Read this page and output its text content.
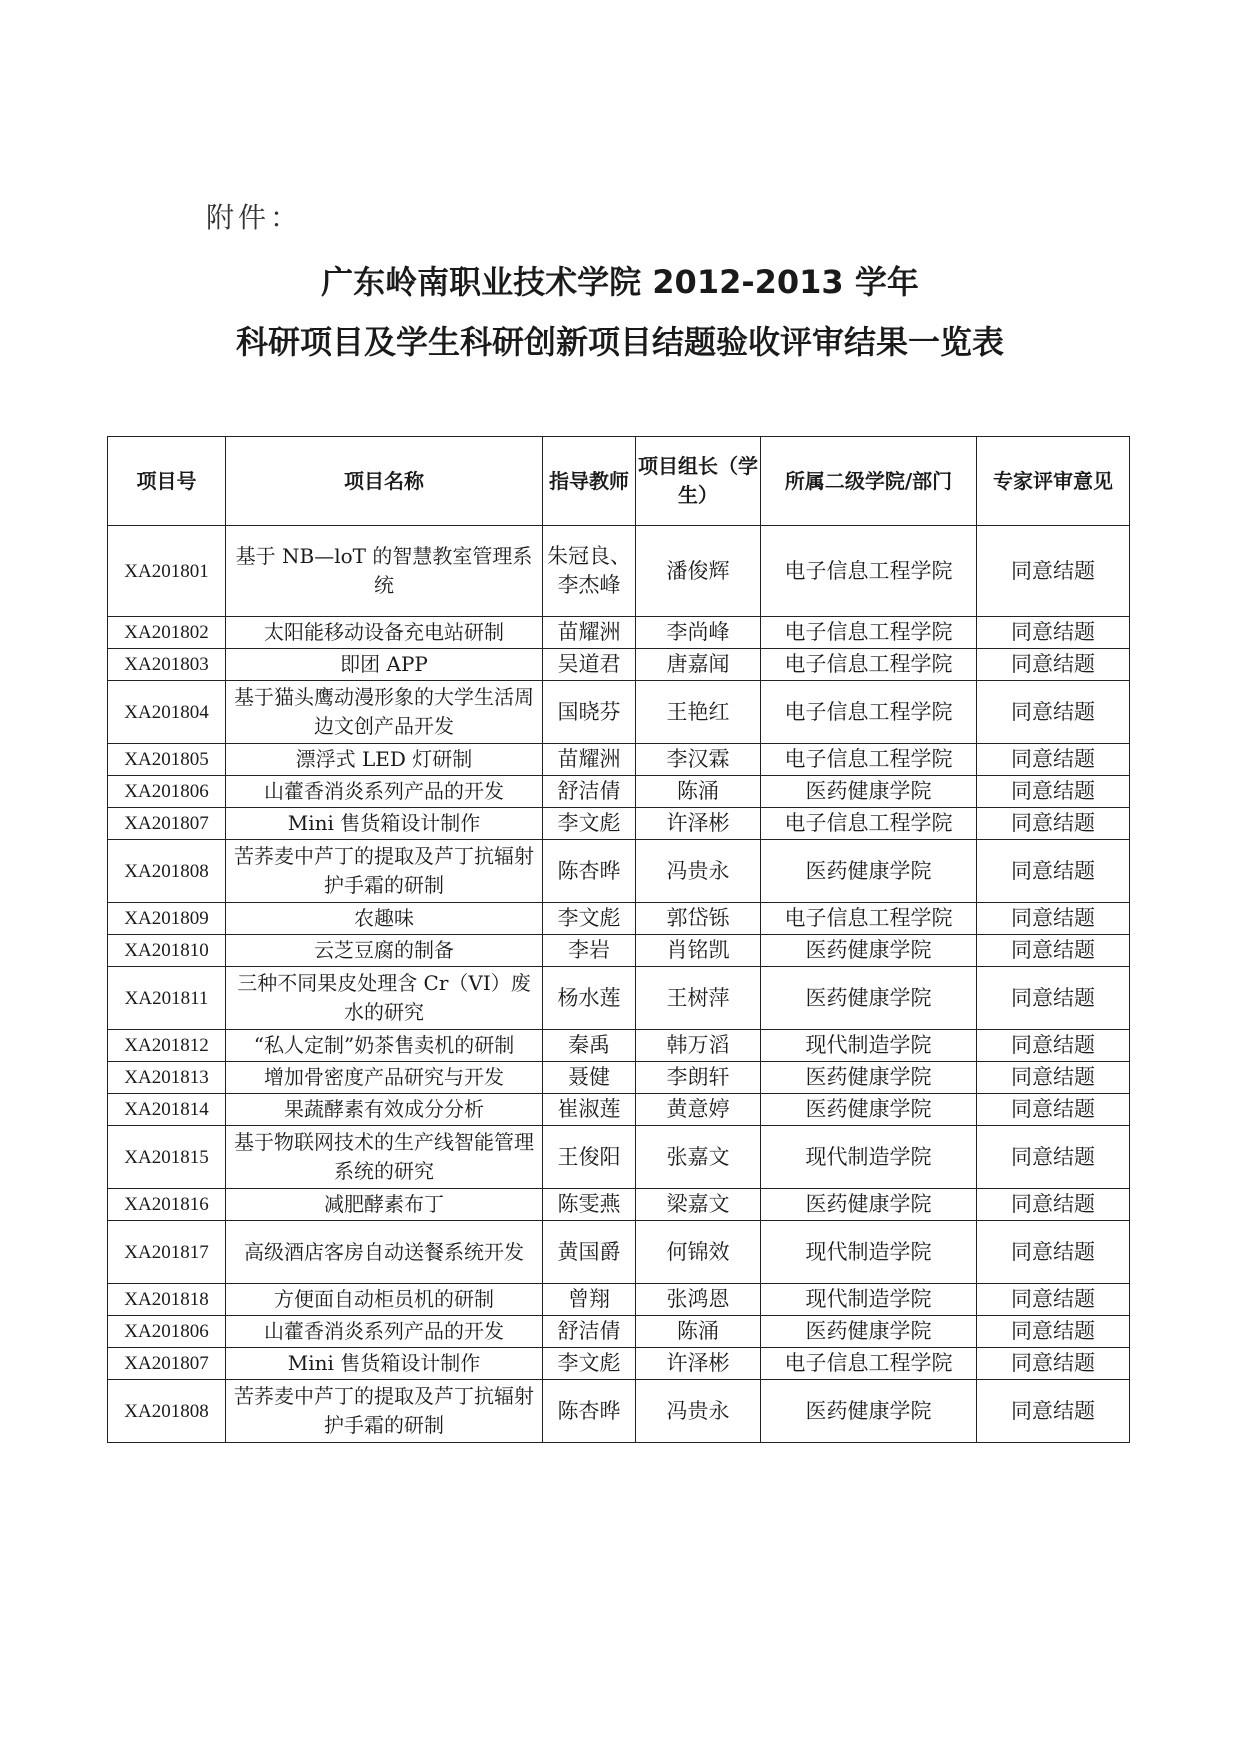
附件：

广东岭南职业技术学院 2012-2013 学年
科研项目及学生科研创新项目结题验收评审结果一览表
项目号	项目名称	指导教师	项目组长（学生）	所属二级学院/部门	专家评审意见
XA201801	基于 NB—loT 的智慧教室管理系统	朱冠良、李杰峰	潘俊辉	电子信息工程学院	同意结题
XA201802	太阳能移动设备充电站研制	苗耀洲	李尚峰	电子信息工程学院	同意结题
XA201803	即团 APP	吴道君	唐嘉闻	电子信息工程学院	同意结题
XA201804	基于猫头鹰动漫形象的大学生活周边文创产品开发	国晓芬	王艳红	电子信息工程学院	同意结题
XA201805	漂浮式 LED 灯研制	苗耀洲	李汉霖	电子信息工程学院	同意结题
XA201806	山藿香消炎系列产品的开发	舒洁倩	陈涌	医药健康学院	同意结题
XA201807	Mini 售货箱设计制作	李文彪	许泽彬	电子信息工程学院	同意结题
XA201808	苦荞麦中芦丁的提取及芦丁抗辐射护手霜的研制	陈杏晔	冯贵永	医药健康学院	同意结题
XA201809	农趣味	李文彪	郭岱铄	电子信息工程学院	同意结题
XA201810	云芝豆腐的制备	李岩	肖铭凯	医药健康学院	同意结题
XA201811	三种不同果皮处理含 Cr（VI）废水的研究	杨水莲	王树萍	医药健康学院	同意结题
XA201812	“私人定制”奶茶售卖机的研制	秦禹	韩万滔	现代制造学院	同意结题
XA201813	增加骨密度产品研究与开发	聂健	李朗轩	医药健康学院	同意结题
XA201814	果蔬酵素有效成分分析	崔淑莲	黄意婷	医药健康学院	同意结题
XA201815	基于物联网技术的生产线智能管理系统的研究	王俊阳	张嘉文	现代制造学院	同意结题
XA201816	减肥酵素布丁	陈雯燕	梁嘉文	医药健康学院	同意结题
XA201817	高级酒店客房自动送餐系统开发	黄国爵	何锦效	现代制造学院	同意结题
XA201818	方便面自动柜员机的研制	曾翔	张鸿恩	现代制造学院	同意结题
XA201806	山藿香消炎系列产品的开发	舒洁倩	陈涌	医药健康学院	同意结题
XA201807	Mini 售货箱设计制作	李文彪	许泽彬	电子信息工程学院	同意结题
XA201808	苦荞麦中芦丁的提取及芦丁抗辐射护手霜的研制	陈杏晔	冯贵永	医药健康学院	同意结题
